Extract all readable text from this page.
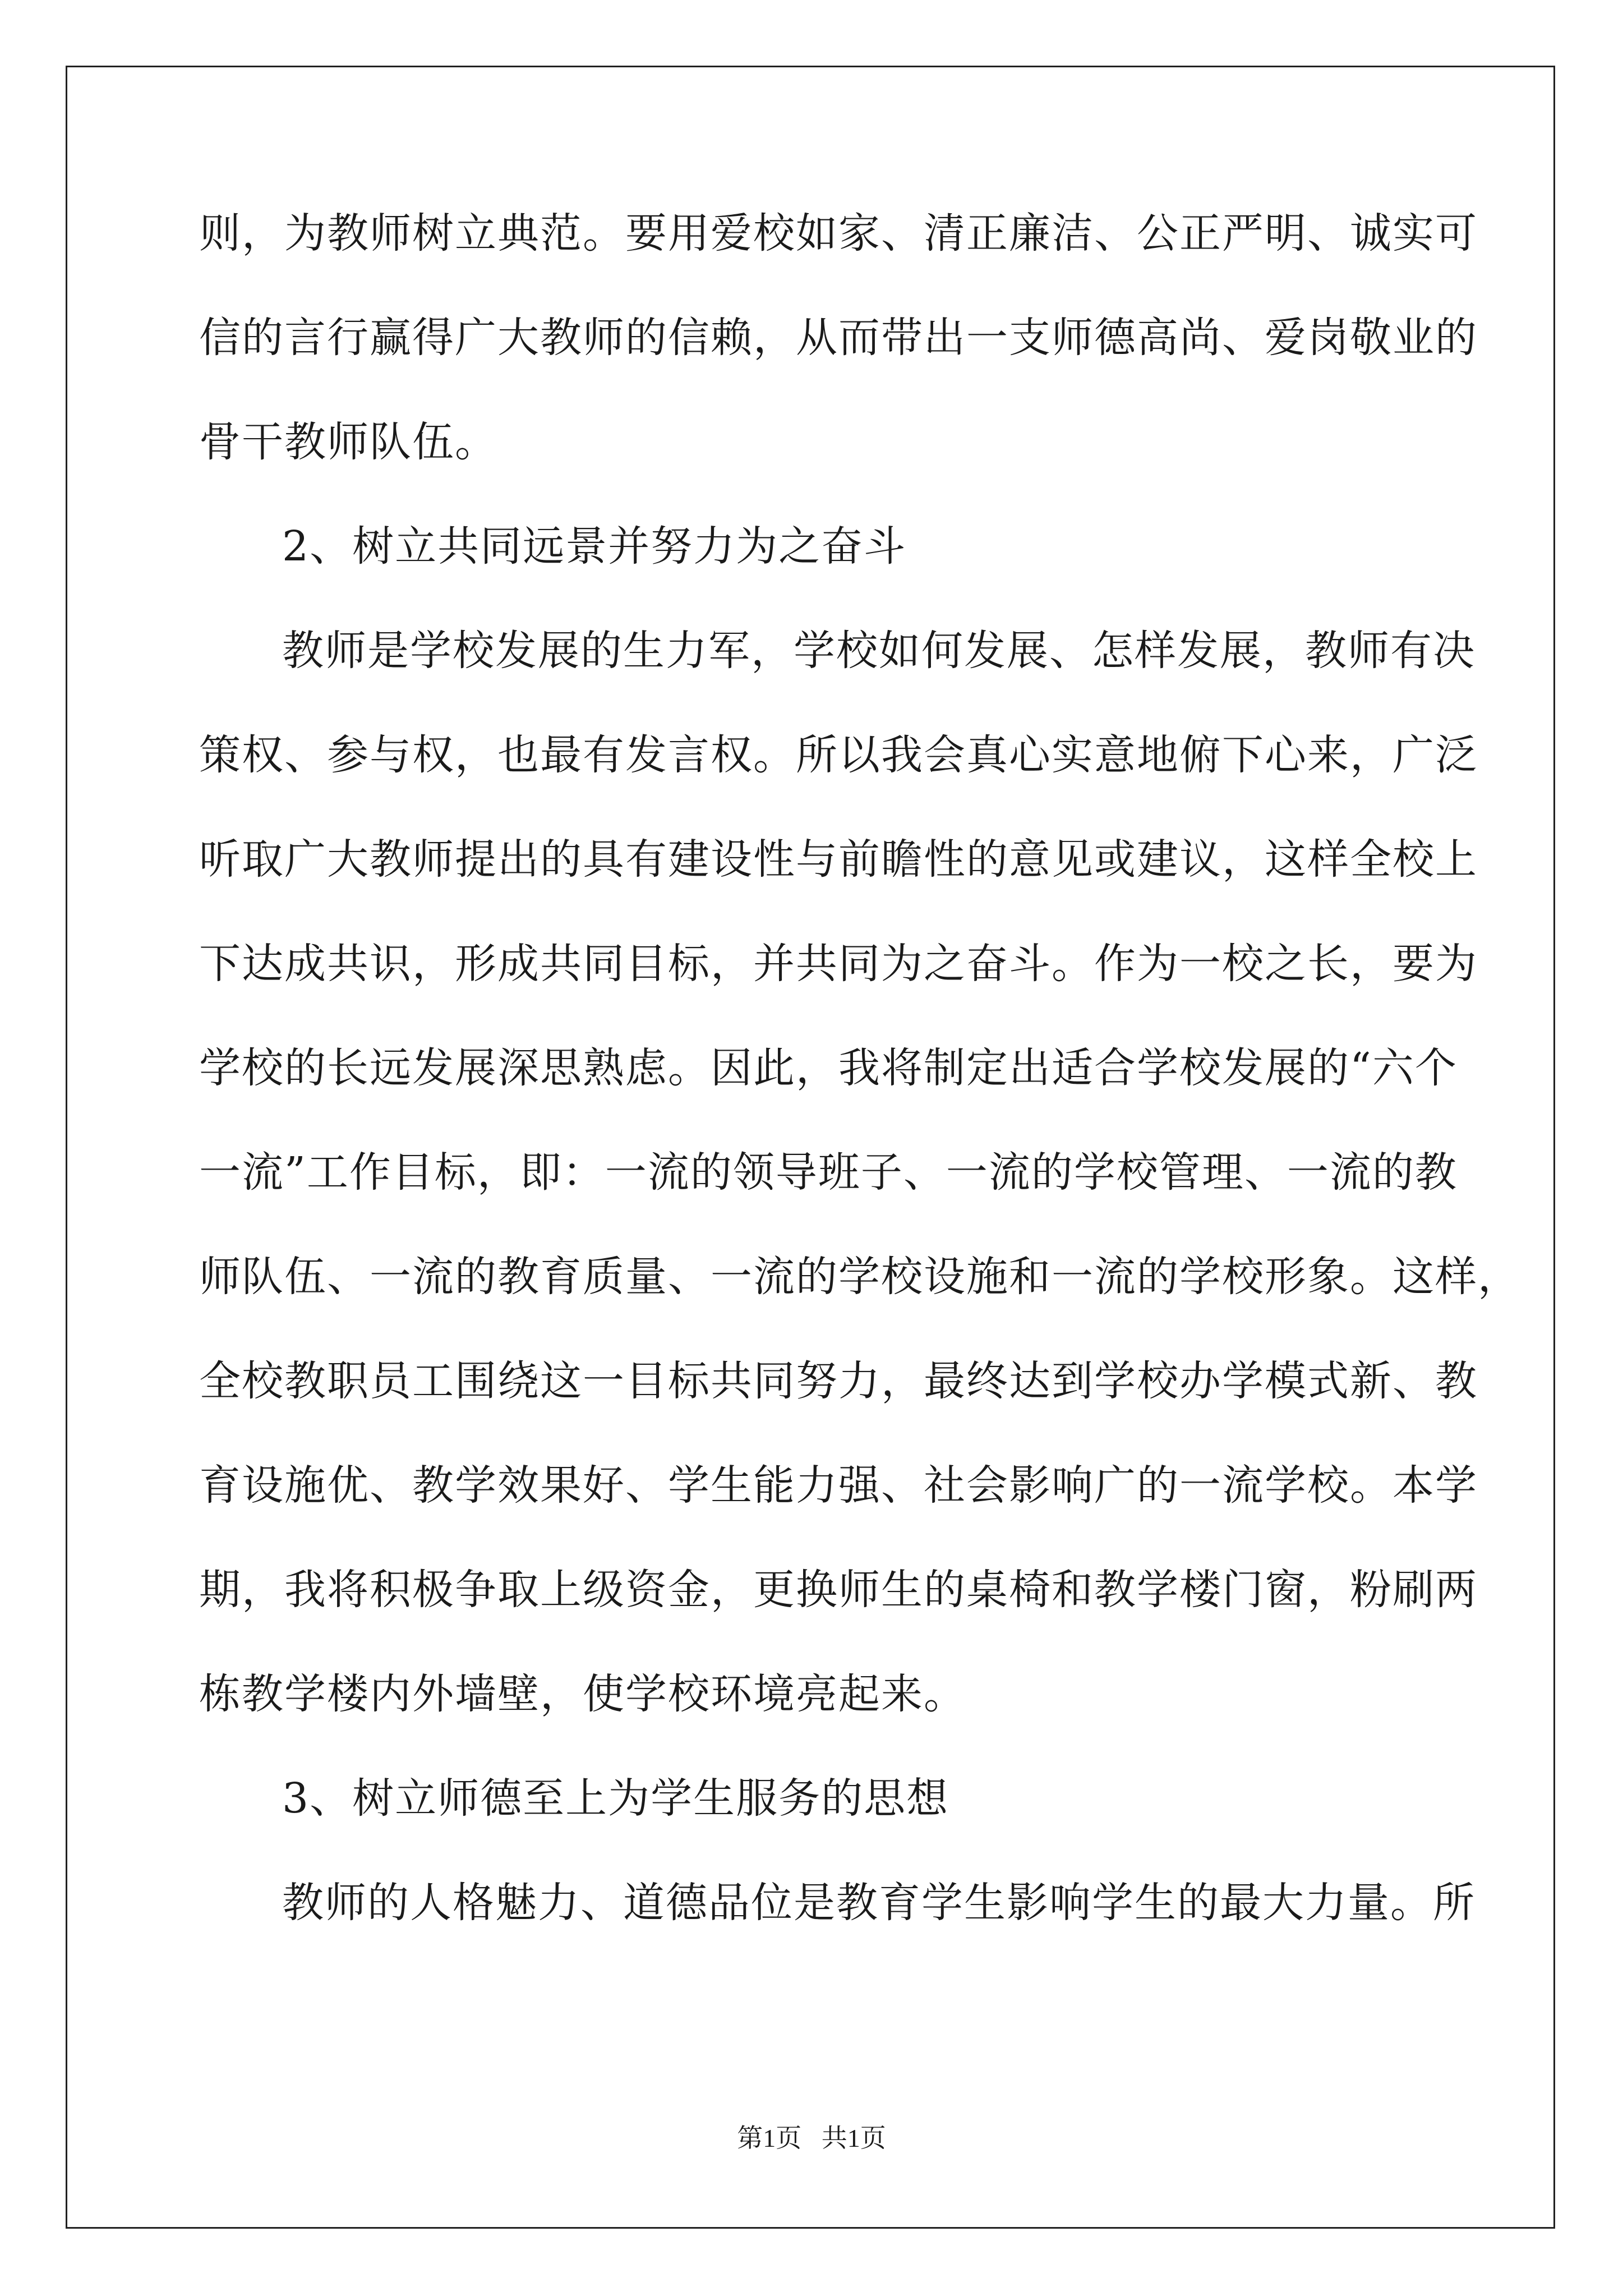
则，为教师树立典范。要用爱校如家、清正廉洁、公正严明、诚实可
信的言行赢得广大教师的信赖，从而带出一支师德高尚、爱岗敬业的
骨干教师队伍。
2、树立共同远景并努力为之奋斗
教师是学校发展的生力军，学校如何发展、怎样发展，教师有决
策权、参与权，也最有发言权。所以我会真心实意地俯下心来，广泛
听取广大教师提出的具有建设性与前瞻性的意见或建议，这样全校上
下达成共识，形成共同目标，并共同为之奋斗。作为一校之长，要为
学校的长远发展深思熟虑。因此，我将制定出适合学校发展的“六个
一流”工作目标，即：一流的领导班子、一流的学校管理、一流的教
师队伍、一流的教育质量、一流的学校设施和一流的学校形象。这样，
全校教职员工围绕这一目标共同努力，最终达到学校办学模式新、教
育设施优、教学效果好、学生能力强、社会影响广的一流学校。本学
期，我将积极争取上级资金，更换师生的桌椅和教学楼门窗，粉刷两
栋教学楼内外墙壁，使学校环境亮起来。
3、树立师德至上为学生服务的思想
教师的人格魅力、道德品位是教育学生影响学生的最大力量。所
第1页 共1页
